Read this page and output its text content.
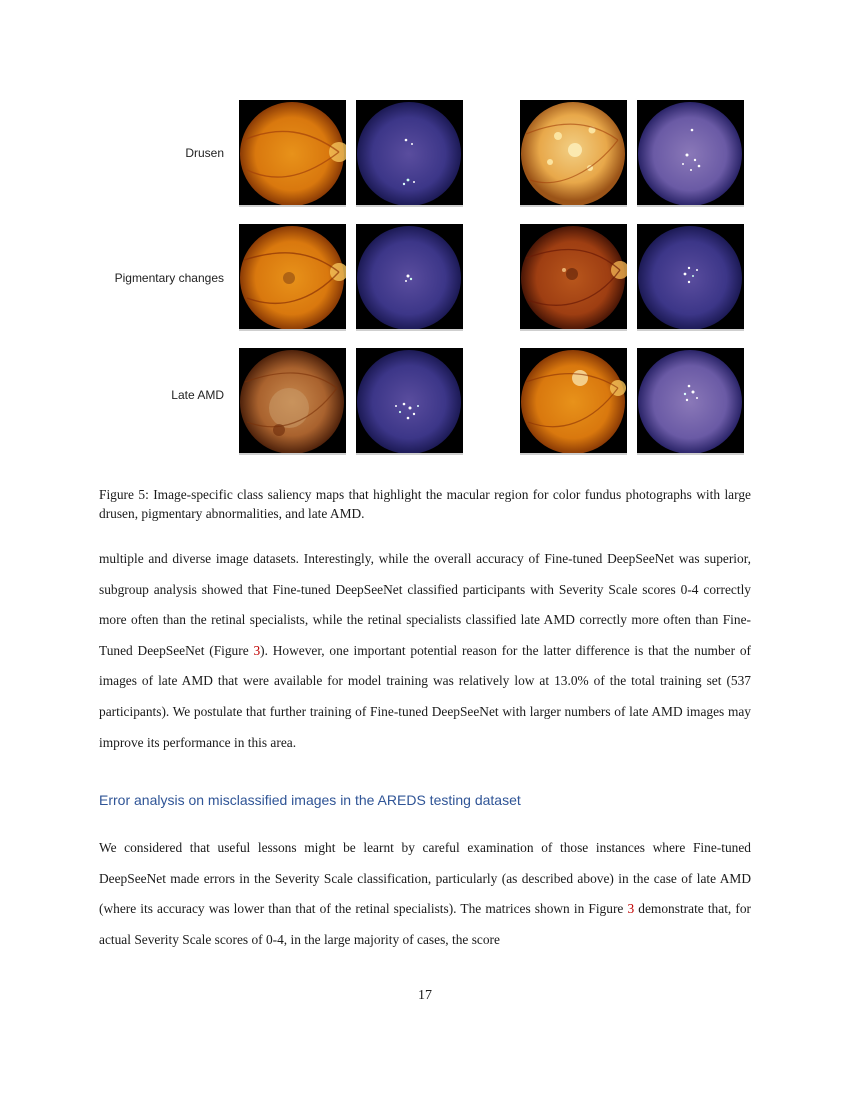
Drusen
Pigmentary changes
Late AMD
Figure 5: Image-specific class saliency maps that highlight the macular region for color fundus photographs with large drusen, pigmentary abnormalities, and late AMD.
multiple and diverse image datasets. Interestingly, while the overall accuracy of Fine-tuned DeepSeeNet was superior, subgroup analysis showed that Fine-tuned DeepSeeNet classified participants with Severity Scale scores 0-4 correctly more often than the retinal specialists, while the retinal specialists classified late AMD correctly more often than Fine-Tuned DeepSeeNet (Figure 3). However, one important potential reason for the latter difference is that the number of images of late AMD that were available for model training was relatively low at 13.0% of the total training set (537 participants). We postulate that further training of Fine-tuned DeepSeeNet with larger numbers of late AMD images may improve its performance in this area.
Error analysis on misclassified images in the AREDS testing dataset
We considered that useful lessons might be learnt by careful examination of those instances where Fine-tuned DeepSeeNet made errors in the Severity Scale classification, particularly (as described above) in the case of late AMD (where its accuracy was lower than that of the retinal specialists). The matrices shown in Figure 3 demonstrate that, for actual Severity Scale scores of 0-4, in the large majority of cases, the score
17
